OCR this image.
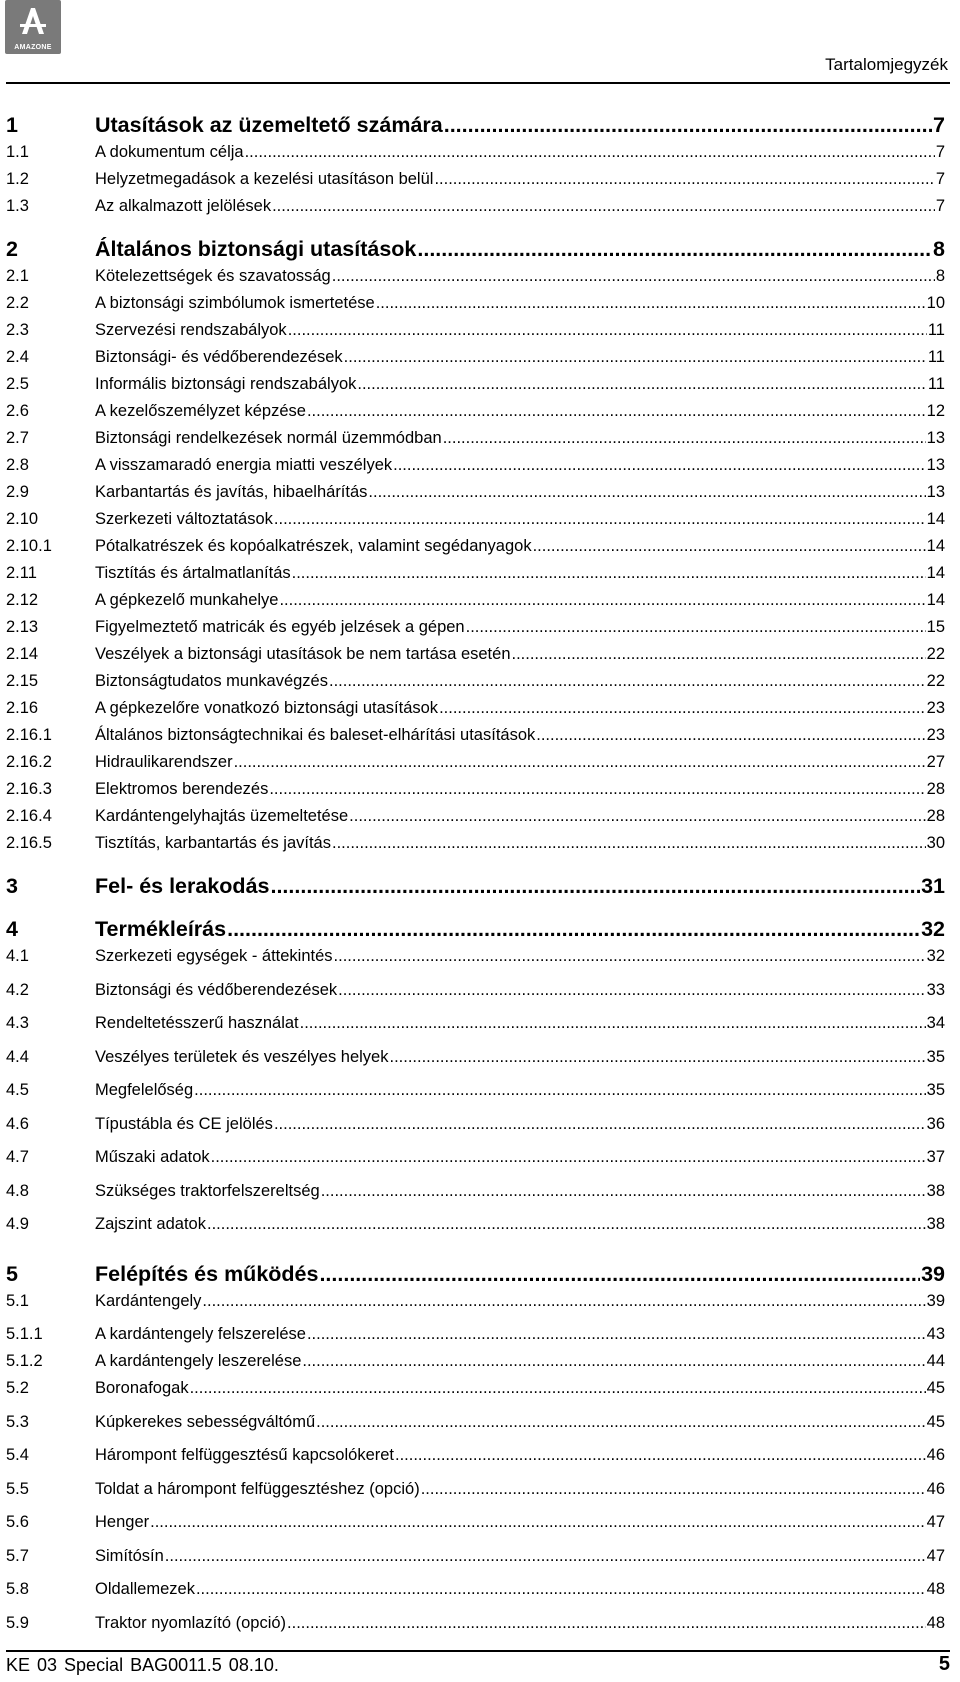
AMAZONE
Tartalomjegyzék
1	Utasítások az üzemeltető számára .....	7
1.1	A dokumentum célja .....	7
1.2	Helyzetmegadások a kezelési utasításon belül .....	7
1.3	Az alkalmazott jelölések .....	7
2	Általános biztonsági utasítások .....	8
2.1	Kötelezettségek és szavatosság .....	8
2.2	A biztonsági szimbólumok ismertetése .....	10
2.3	Szervezési rendszabályok .....	11
2.4	Biztonsági- és védőberendezések .....	11
2.5	Informális biztonsági rendszabályok .....	11
2.6	A kezelőszemélyzet képzése .....	12
2.7	Biztonsági rendelkezések normál üzemmódban .....	13
2.8	A visszamaradó energia miatti veszélyek .....	13
2.9	Karbantartás és javítás, hibaelhárítás .....	13
2.10	Szerkezeti változtatások .....	14
2.10.1	Pótalkatrészek és kopóalkatrészek, valamint segédanyagok .....	14
2.11	Tisztítás és ártalmatlanítás .....	14
2.12	A gépkezelő munkahelye .....	14
2.13	Figyelmeztető matricák és egyéb jelzések a gépen .....	15
2.14	Veszélyek a biztonsági utasítások be nem tartása esetén .....	22
2.15	Biztonságtudatos munkavégzés .....	22
2.16	A gépkezelőre vonatkozó biztonsági utasítások .....	23
2.16.1	Általános biztonságtechnikai és baleset-elhárítási utasítások .....	23
2.16.2	Hidraulikarendszer .....	27
2.16.3	Elektromos berendezés .....	28
2.16.4	Kardántengelyhajtás üzemeltetése .....	28
2.16.5	Tisztítás, karbantartás és javítás .....	30
3	Fel- és lerakodás .....	31
4	Termékleírás .....	32
4.1	Szerkezeti egységek - áttekintés .....	32
4.2	Biztonsági és védőberendezések .....	33
4.3	Rendeltetésszerű használat .....	34
4.4	Veszélyes területek és veszélyes helyek .....	35
4.5	Megfelelőség .....	35
4.6	Típustábla és CE jelölés .....	36
4.7	Műszaki adatok .....	37
4.8	Szükséges traktorfelszereltség .....	38
4.9	Zajszint adatok .....	38
5	Felépítés és működés .....	39
5.1	Kardántengely .....	39
5.1.1	A kardántengely felszerelése .....	43
5.1.2	A kardántengely leszerelése .....	44
5.2	Boronafogak .....	45
5.3	Kúpkerekes sebességváltómű .....	45
5.4	Hárompont felfüggesztésű kapcsolókeret .....	46
5.5	Toldat a hárompont felfüggesztéshez (opció) .....	46
5.6	Henger .....	47
5.7	Simítósín .....	47
5.8	Oldallemezek .....	48
5.9	Traktor nyomlazító (opció) .....	48
KE 03 Special BAG0011.5 08.10.	5
